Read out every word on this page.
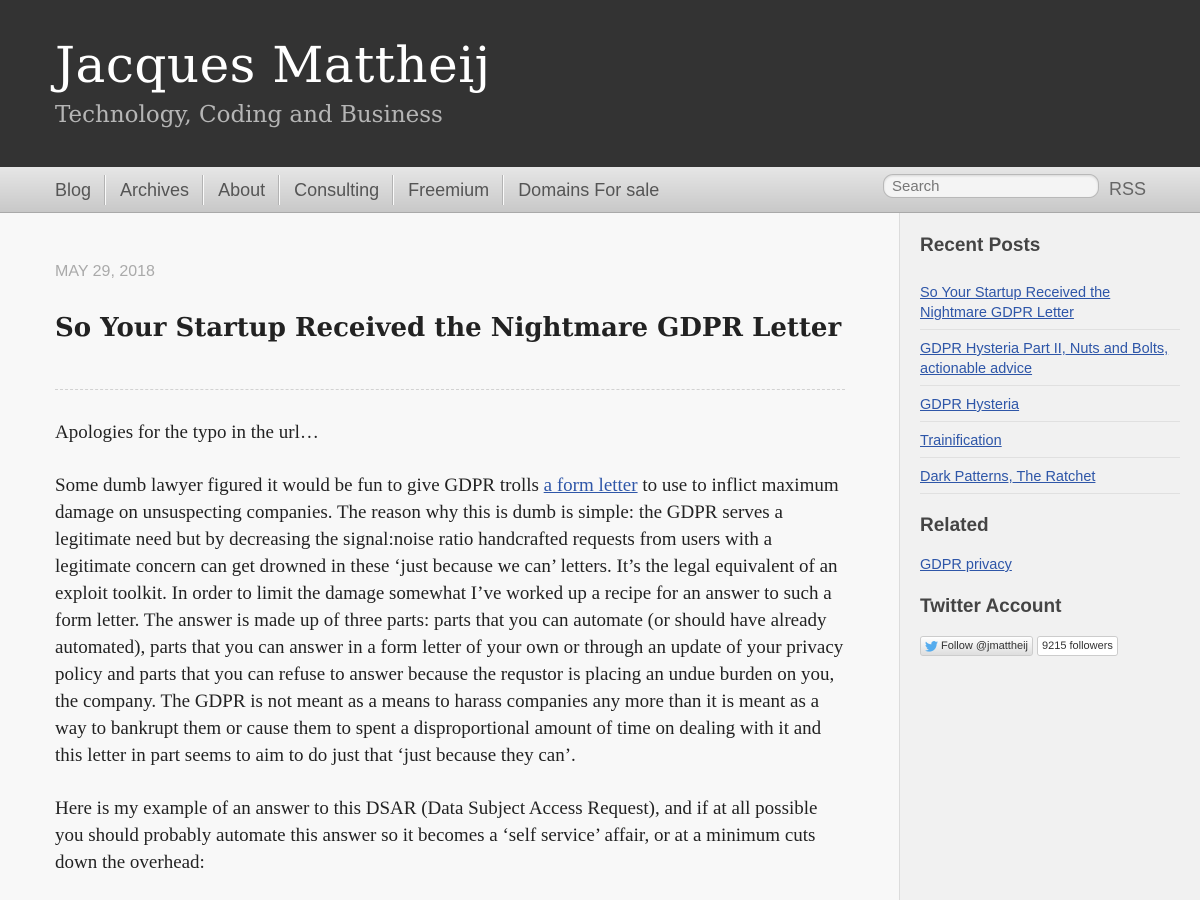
Jacques Mattheij
Technology, Coding and Business
Blog	Archives	About	Consulting	Freemium	Domains For sale
Search	RSS
MAY 29, 2018
So Your Startup Received the Nightmare GDPR Letter

Apologies for the typo in the url…

Some dumb lawyer figured it would be fun to give GDPR trolls a form letter to use to inflict maximum damage on unsuspecting companies. The reason why this is dumb is simple: the GDPR serves a legitimate need but by decreasing the signal:noise ratio handcrafted requests from users with a legitimate concern can get drowned in these ‘just because we can’ letters. It’s the legal equivalent of an exploit toolkit. In order to limit the damage somewhat I’ve worked up a recipe for an answer to such a form letter. The answer is made up of three parts: parts that you can automate (or should have already automated), parts that you can answer in a form letter of your own or through an update of your privacy policy and parts that you can refuse to answer because the requstor is placing an undue burden on you, the company. The GDPR is not meant as a means to harass companies any more than it is meant as a way to bankrupt them or cause them to spent a disproportional amount of time on dealing with it and this letter in part seems to aim to do just that ‘just because they can’.

Here is my example of an answer to this DSAR (Data Subject Access Request), and if at all possible you should probably automate this answer so it becomes a ‘self service’ affair, or at a minimum cuts down the overhead:

Recent Posts
So Your Startup Received the Nightmare GDPR Letter
GDPR Hysteria Part II, Nuts and Bolts, actionable advice
GDPR Hysteria
Trainification
Dark Patterns, The Ratchet
Related
GDPR privacy
Twitter Account
Follow @jmattheij	9215 followers
